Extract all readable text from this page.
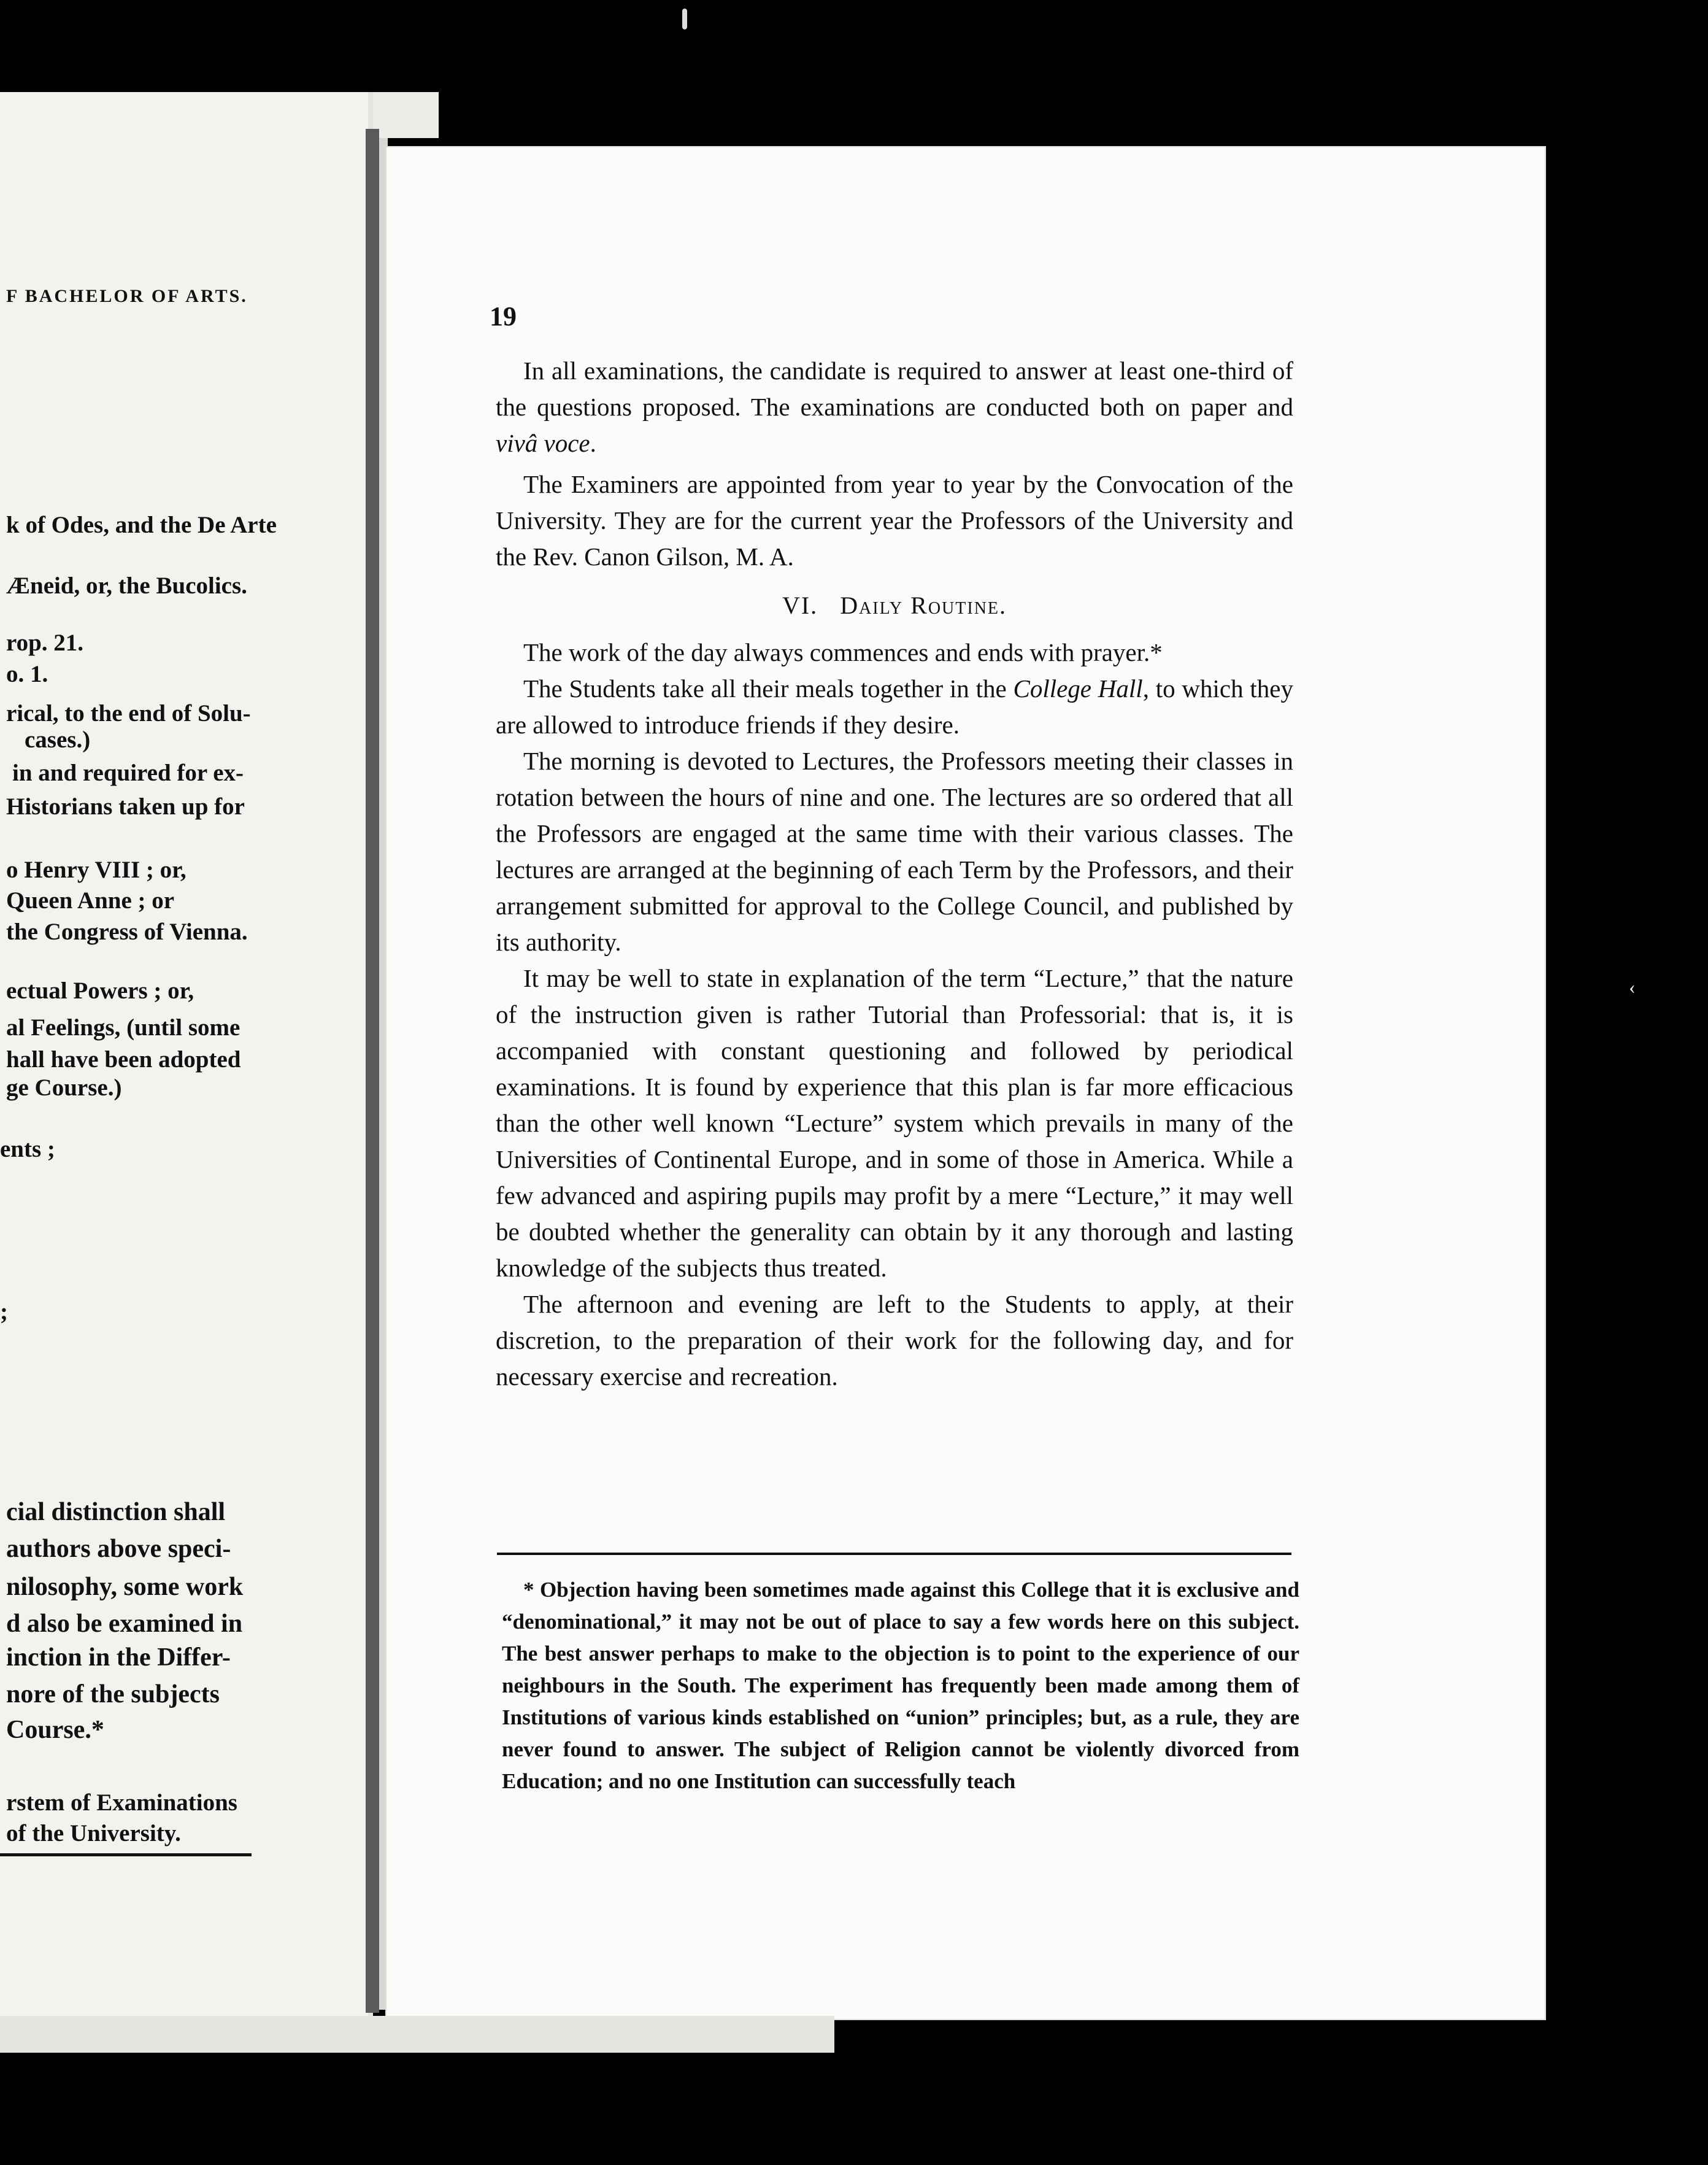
F BACHELOR OF ARTS.
k of Odes, and the De Arte
Æneid, or, the Bucolics.
rop. 21.
o. 1.
rical, to the end of Solu-
cases.)
in and required for ex-
Historians taken up for
o Henry VIII ; or,
Queen Anne ; or
the Congress of Vienna.
ectual Powers ; or,
al Feelings, (until some
hall have been adopted
ge Course.)
ents ;
;
cial distinction shall
authors above speci-
nilosophy, some work
d also be examined in
inction in the Differ-
nore of the subjects
Course.*
rstem of Examinations
of the University.
19

In all examinations, the candidate is required to answer at least one-third of the questions proposed. The examinations are conducted both on paper and vivâ voce.

The Examiners are appointed from year to year by the Convocation of the University. They are for the current year the Professors of the University and the Rev. Canon Gilson, M. A.

VI. Daily Routine.

The work of the day always commences and ends with prayer.*

The Students take all their meals together in the College Hall, to which they are allowed to introduce friends if they desire.

The morning is devoted to Lectures, the Professors meeting their classes in rotation between the hours of nine and one. The lectures are so ordered that all the Professors are engaged at the same time with their various classes. The lectures are arranged at the beginning of each Term by the Professors, and their arrangement submitted for approval to the College Council, and published by its authority.

It may be well to state in explanation of the term “Lecture,” that the nature of the instruction given is rather Tutorial than Professorial: that is, it is accompanied with constant questioning and followed by periodical examinations. It is found by experience that this plan is far more efficacious than the other well known “Lecture” system which prevails in many of the Universities of Continental Europe, and in some of those in America. While a few advanced and aspiring pupils may profit by a mere “Lecture,” it may well be doubted whether the generality can obtain by it any thorough and lasting knowledge of the subjects thus treated.

The afternoon and evening are left to the Students to apply, at their discretion, to the preparation of their work for the following day, and for necessary exercise and recreation.

* Objection having been sometimes made against this College that it is exclusive and “denominational,” it may not be out of place to say a few words here on this subject. The best answer perhaps to make to the objection is to point to the experience of our neighbours in the South. The experiment has frequently been made among them of Institutions of various kinds established on “union” principles; but, as a rule, they are never found to answer. The subject of Religion cannot be violently divorced from Education; and no one Institution can successfully teach

‹
